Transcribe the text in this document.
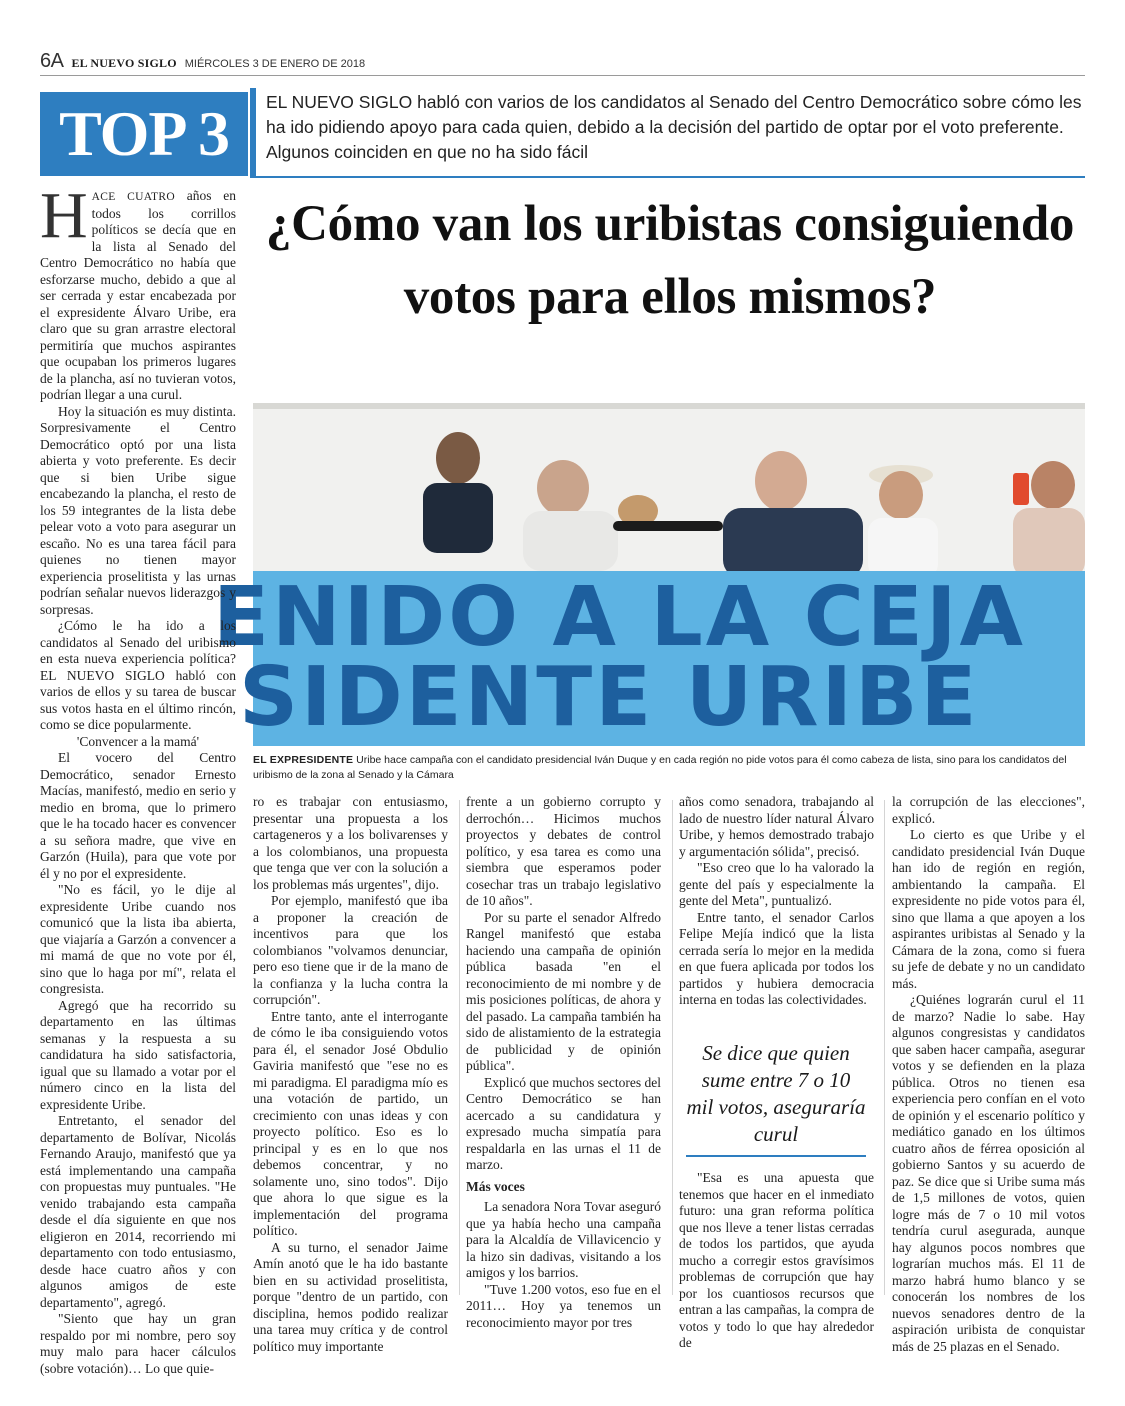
6A EL NUEVO SIGLO MIÉRCOLES 3 DE ENERO DE 2018
TOP 3	EL NUEVO SIGLO habló con varios de los candidatos al Senado del Centro Democrático sobre cómo les ha ido pidiendo apoyo para cada quien, debido a la decisión del partido de optar por el voto preferente. Algunos coinciden en que no ha sido fácil
¿Cómo van los uribistas consiguiendo votos para ellos mismos?
ENIDO A LA CEJA
SIDENTE URIBE
EL EXPRESIDENTE Uribe hace campaña con el candidato presidencial Iván Duque y en cada región no pide votos para él como cabeza de lista, sino para los candidatos del uribismo de la zona al Senado y la Cámara

HACE CUATRO años en todos los corrillos políticos se decía que en la lista al Senado del Centro Democrático no había que esforzarse mucho, debido a que al ser cerrada y estar encabezada por el expresidente Álvaro Uribe, era claro que su gran arrastre electoral permitiría que muchos aspirantes que ocupaban los primeros lugares de la plancha, así no tuvieran votos, podrían llegar a una curul.

Hoy la situación es muy distinta. Sorpresivamente el Centro Democrático optó por una lista abierta y voto preferente. Es decir que si bien Uribe sigue encabezando la plancha, el resto de los 59 integrantes de la lista debe pelear voto a voto para asegurar un escaño. No es una tarea fácil para quienes no tienen mayor experiencia proselitista y las urnas podrían señalar nuevos liderazgos y sorpresas.

¿Cómo le ha ido a los candidatos al Senado del uribismo en esta nueva experiencia política? EL NUEVO SIGLO habló con varios de ellos y su tarea de buscar sus votos hasta en el último rincón, como se dice popularmente.

'Convencer a la mamá'

El vocero del Centro Democrático, senador Ernesto Macías, manifestó, medio en serio y medio en broma, que lo primero que le ha tocado hacer es convencer a su señora madre, que vive en Garzón (Huila), para que vote por él y no por el expresidente.

"No es fácil, yo le dije al expresidente Uribe cuando nos comunicó que la lista iba abierta, que viajaría a Garzón a convencer a mi mamá de que no vote por él, sino que lo haga por mí", relata el congresista.

Agregó que ha recorrido su departamento en las últimas semanas y la respuesta a su candidatura ha sido satisfactoria, igual que su llamado a votar por el número cinco en la lista del expresidente Uribe.

Entretanto, el senador del departamento de Bolívar, Nicolás Fernando Araujo, manifestó que ya está implementando una campaña con propuestas muy puntuales. "He venido trabajando esta campaña desde el día siguiente en que nos eligieron en 2014, recorriendo mi departamento con todo entusiasmo, desde hace cuatro años y con algunos amigos de este departamento", agregó.

"Siento que hay un gran respaldo por mi nombre, pero soy muy malo para hacer cálculos (sobre votación)… Lo que quie-

ro es trabajar con entusiasmo, presentar una propuesta a los cartageneros y a los bolivarenses y a los colombianos, una propuesta que tenga que ver con la solución a los problemas más urgentes", dijo.

Por ejemplo, manifestó que iba a proponer la creación de incentivos para que los colombianos "volvamos denunciar, pero eso tiene que ir de la mano de la confianza y la lucha contra la corrupción".

Entre tanto, ante el interrogante de cómo le iba consiguiendo votos para él, el senador José Obdulio Gaviria manifestó que "ese no es mi paradigma. El paradigma mío es una votación de partido, un crecimiento con unas ideas y con proyecto político. Eso es lo principal y es en lo que nos debemos concentrar, y no solamente uno, sino todos". Dijo que ahora lo que sigue es la implementación del programa político.

A su turno, el senador Jaime Amín anotó que le ha ido bastante bien en su actividad proselitista, porque "dentro de un partido, con disciplina, hemos podido realizar una tarea muy crítica y de control político muy importante

frente a un gobierno corrupto y derrochón… Hicimos muchos proyectos y debates de control político, y esa tarea es como una siembra que esperamos poder cosechar tras un trabajo legislativo de 10 años".

Por su parte el senador Alfredo Rangel manifestó que estaba haciendo una campaña de opinión pública basada "en el reconocimiento de mi nombre y de mis posiciones políticas, de ahora y del pasado. La campaña también ha sido de alistamiento de la estrategia de publicidad y de opinión pública".

Explicó que muchos sectores del Centro Democrático se han acercado a su candidatura y expresado mucha simpatía para respaldarla en las urnas el 11 de marzo.

Más voces

La senadora Nora Tovar aseguró que ya había hecho una campaña para la Alcaldía de Villavicencio y la hizo sin dadivas, visitando a los amigos y los barrios.

"Tuve 1.200 votos, eso fue en el 2011… Hoy ya tenemos un reconocimiento mayor por tres

años como senadora, trabajando al lado de nuestro líder natural Álvaro Uribe, y hemos demostrado trabajo y argumentación sólida", precisó.

"Eso creo que lo ha valorado la gente del país y especialmente la gente del Meta", puntualizó.

Entre tanto, el senador Carlos Felipe Mejía indicó que la lista cerrada sería lo mejor en la medida en que fuera aplicada por todos los partidos y hubiera democracia interna en todas las colectividades.

Se dice que quien sume entre 7 o 10 mil votos, aseguraría curul

"Esa es una apuesta que tenemos que hacer en el inmediato futuro: una gran reforma política que nos lleve a tener listas cerradas de todos los partidos, que ayuda mucho a corregir estos gravísimos problemas de corrupción que hay por los cuantiosos recursos que entran a las campañas, la compra de votos y todo lo que hay alrededor de

la corrupción de las elecciones", explicó.

Lo cierto es que Uribe y el candidato presidencial Iván Duque han ido de región en región, ambientando la campaña. El expresidente no pide votos para él, sino que llama a que apoyen a los aspirantes uribistas al Senado y la Cámara de la zona, como si fuera su jefe de debate y no un candidato más.

¿Quiénes lograrán curul el 11 de marzo? Nadie lo sabe. Hay algunos congresistas y candidatos que saben hacer campaña, asegurar votos y se defienden en la plaza pública. Otros no tienen esa experiencia pero confían en el voto de opinión y el escenario político y mediático ganado en los últimos cuatro años de férrea oposición al gobierno Santos y su acuerdo de paz. Se dice que si Uribe suma más de 1,5 millones de votos, quien logre más de 7 o 10 mil votos tendría curul asegurada, aunque hay algunos pocos nombres que lograrían muchos más. El 11 de marzo habrá humo blanco y se conocerán los nombres de los nuevos senadores dentro de la aspiración uribista de conquistar más de 25 plazas en el Senado.
